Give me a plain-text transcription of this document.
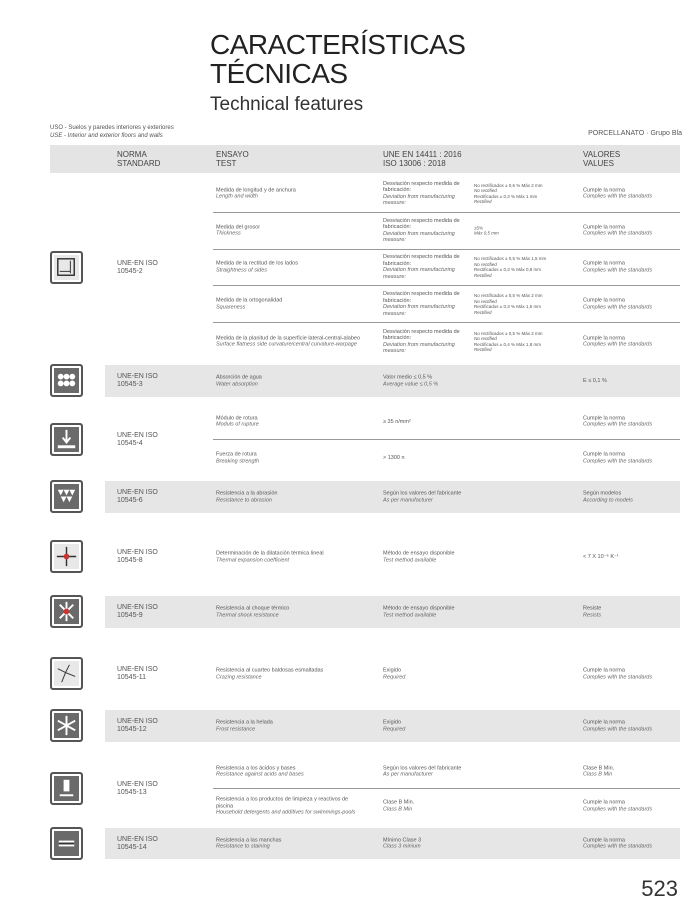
CARACTERÍSTICAS
TÉCNICAS
Technical features
USO - Suelos y paredes interiores y exteriores
USE - Interior and exterior floors and walls	PORCELLANATO · Grupo Bla
NORMA
STANDARD
ENSAYO
TEST
UNE EN 14411 : 2016
ISO 13006 : 2018
VALORES
VALUES
UNE-EN ISO
10545-2
Medida de longitud y de anchura
Length and width
Desviación respecto medida de fabricación:
Deviation from manufacturing measure:
No rectificados ± 0,6 % Máx 2 mm
No rectified
Rectificados ± 0,3 % Máx 1 mm
Rectified
Cumple la norma
Complies with the standards
Medida del grosor
Thickness
Desviación respecto medida de fabricación:
Deviation from manufacturing measure:
±5%
Máx 0,5 mm
Cumple la norma
Complies with the standards
Medida de la rectitud de los lados
Straightness of sides
Desviación respecto medida de fabricación:
Deviation from manufacturing measure:
No rectificados ± 0,5 % Máx 1,5 mm
No rectified
Rectificados ± 0,3 % Máx 0,8 mm
Rectified
Cumple la norma
Complies with the standards
Medida de la ortogonalidad
Squareness
Desviación respecto medida de fabricación:
Deviation from manufacturing measure:
No rectificados ± 0,5 % Máx 2 mm
No rectified
Rectificados ± 0,3 % Máx 1,5 mm
Rectified
Cumple la norma
Complies with the standards
Medida de la planitud de la superficie lateral-central-alabeo
Surface flatness side curvature/central curvature-warpage
Desviación respecto medida de fabricación:
Deviation from manufacturing measure:
No rectificados ± 0,5 % Máx 2 mm
No rectified
Rectificados ± 0,4 % Máx 1,8 mm
Rectified
Cumple la norma
Complies with the standards
UNE-EN ISO
10545-3
Absorción de agua
Water absorption
Valor medio ≤ 0,5 %
Average value ≤ 0,5 %
E ≤ 0,1 %
UNE-EN ISO
10545-4
Módulo de rotura
Moduls of rupture
≥ 35 n/mm²
Cumple la norma
Complies with the standards
Fuerza de rotura
Breaking strength
> 1300 n
Cumple la norma
Complies with the standards
UNE-EN ISO
10545-6
Resistencia a la abrasión
Resistance to abrasion
Según los valores del fabricante
As per manufacturer
Según modelos
According to models
UNE-EN ISO
10545-8
Determinación de la dilatación térmica lineal
Thermal expansion coefficient
Método de ensayo disponible
Test method available
< 7 X 10⁻⁶ K⁻¹
UNE-EN ISO
10545-9
Resistencia al choque térmico
Thermal shock resistance
Método de ensayo disponible
Test method available
Resiste
Resists
UNE-EN ISO
10545-11
Resistencia al cuarteo baldosas esmaltadas
Crazing resistance
Exigido
Required
Cumple la norma
Complies with the standards
UNE-EN ISO
10545-12
Resistencia a la helada
Frost resistance
Exigido
Required
Cumple la norma
Complies with the standards
UNE-EN ISO
10545-13
Resistencia a los ácidos y bases
Resistance against acids and bases
Según los valores del fabricante
As per manufacturer
Clase B Min.
Class B Min
Resistencia a los productos de limpieza y reactivos de piscina
Household detergents and additives for swimmings-pools
Clase B Min.
Class B Min
Cumple la norma
Complies with the standards
UNE-EN ISO
10545-14
Resistencia a las manchas
Resistance to staining
Mínimo Clase 3
Class 3 minium
Cumple la norma
Complies with the standards
523
